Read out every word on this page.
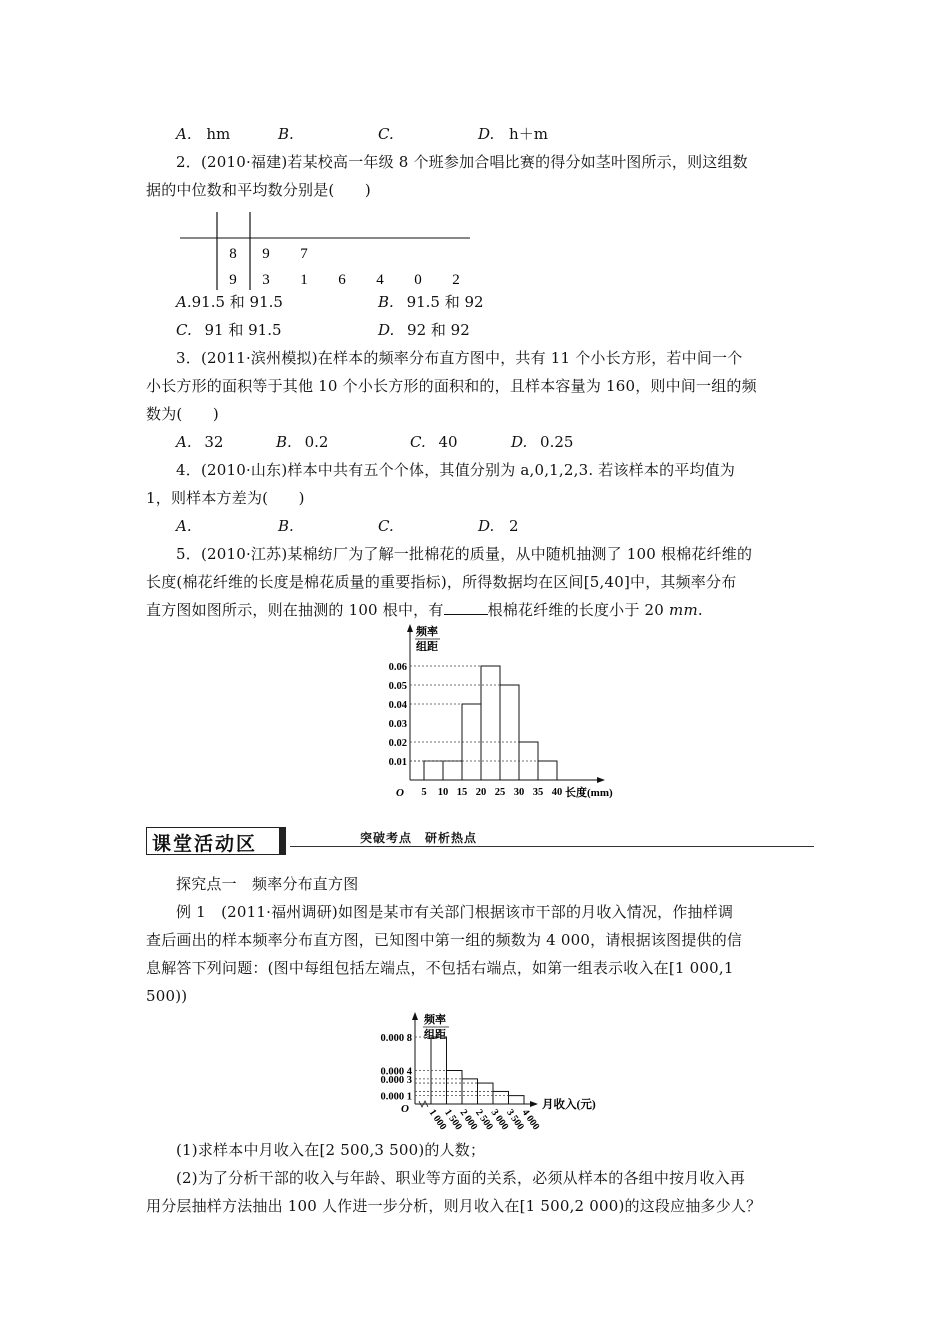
A. hm	B.	C.	D. h＋m
2．(2010·福建)若某校高一年级 8 个班参加合唱比赛的得分如茎叶图所示，则这组数
据的中位数和平均数分别是(　　)
8 9 7
9 3 1 6 4 0 2
A.91.5 和 91.5	B. 91.5 和 92
C. 91 和 91.5	D. 92 和 92
3．(2011·滨州模拟)在样本的频率分布直方图中，共有 11 个小长方形，若中间一个
小长方形的面积等于其他 10 个小长方形的面积和的，且样本容量为 160，则中间一组的频
数为(　　)
A. 32	B. 0.2	C. 40	D. 0.25
4．(2010·山东)样本中共有五个个体，其值分别为 a,0,1,2,3. 若该样本的平均值为
1，则样本方差为(　　)
A.	B.	C.	D. 2
5．(2010·江苏)某棉纺厂为了解一批棉花的质量，从中随机抽测了 100 根棉花纤维的
长度(棉花纤维的长度是棉花质量的重要指标)，所得数据均在区间[5,40]中，其频率分布
直方图如图所示，则在抽测的 100 根中，有	根棉花纤维的长度小于 20 mm.
频率
组距
0.01
0.02
0.03
0.04
0.05
0.06
5 10 15 20 25 30 35 40
O	长度(mm)
课堂活动区	突破考点　研析热点
探究点一　频率分布直方图
例 1　(2011·福州调研)如图是某市有关部门根据该市干部的月收入情况，作抽样调
查后画出的样本频率分布直方图，已知图中第一组的频数为 4 000，请根据该图提供的信
息解答下列问题：(图中每组包括左端点，不包括右端点，如第一组表示收入在[1 000,1
500))
频率
组距
0.000 1
0.000 3
0.000 4
0.000 8
1 000
1 500
2 000
2 500
3 000
3 500
4 000
O	月收入(元)
(1)求样本中月收入在[2 500,3 500)的人数；
(2)为了分析干部的收入与年龄、职业等方面的关系，必须从样本的各组中按月收入再
用分层抽样方法抽出 100 人作进一步分析，则月收入在[1 500,2 000)的这段应抽多少人？
